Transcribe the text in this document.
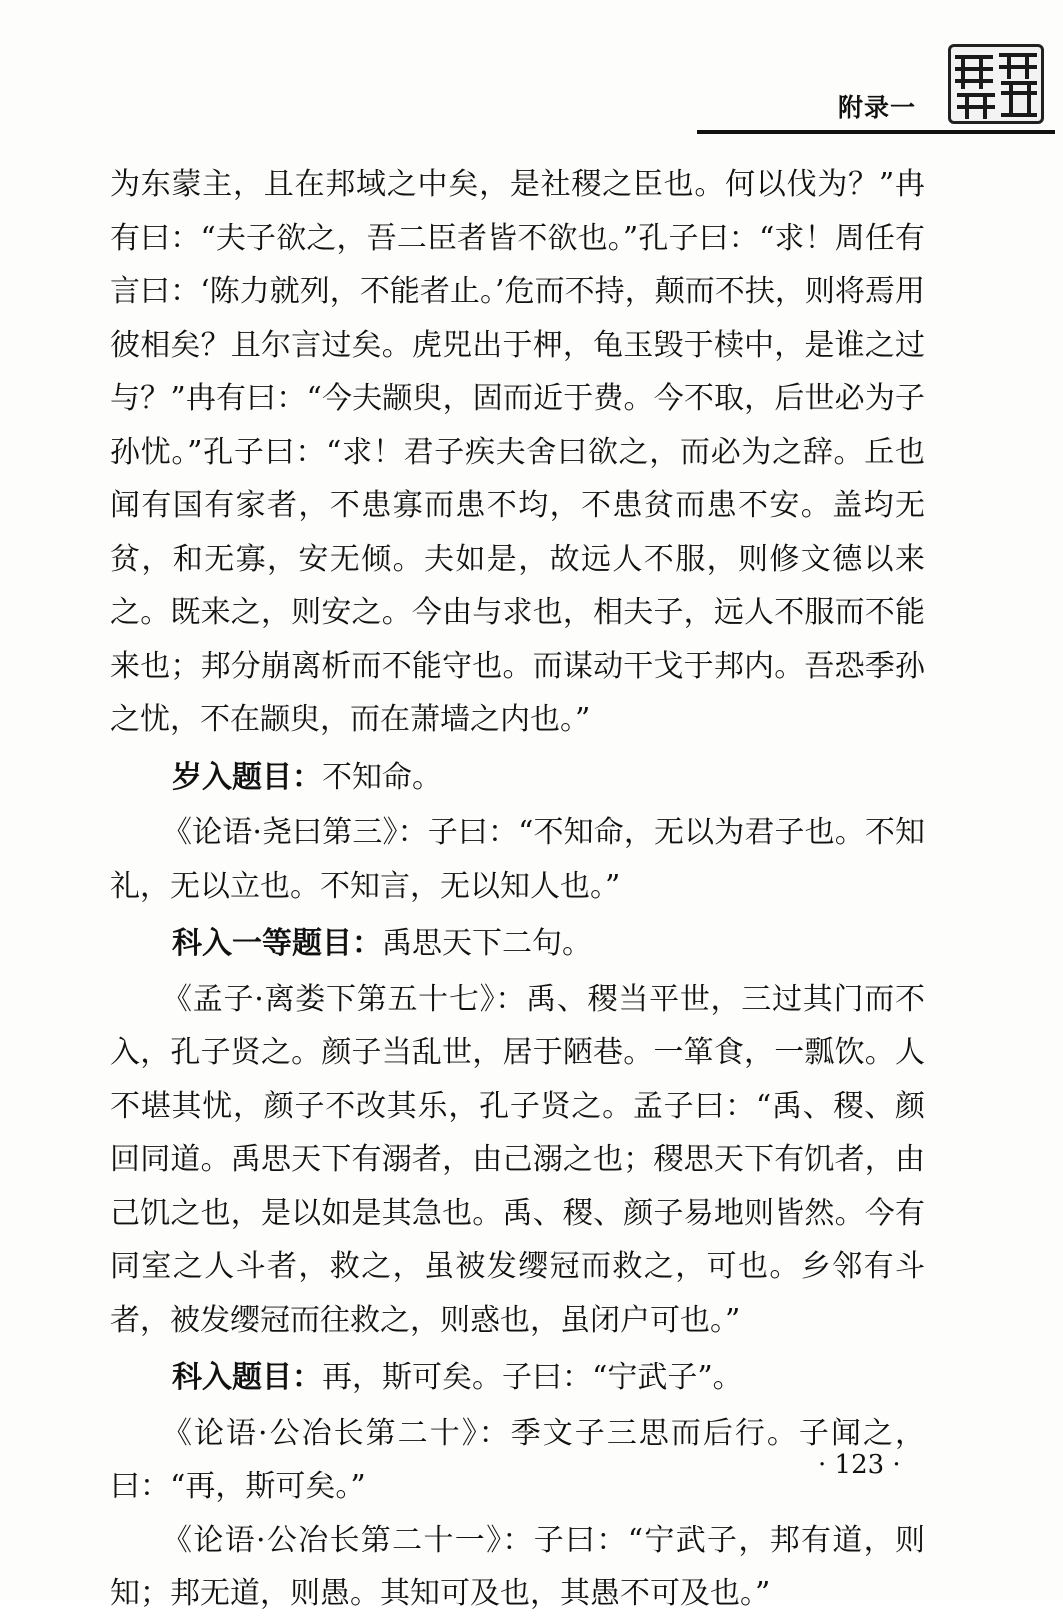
附录一

为东蒙主，且在邦域之中矣，是社稷之臣也。何以伐为？”冉有曰：“夫子欲之，吾二臣者皆不欲也。”孔子曰：“求！周任有言曰：‘陈力就列，不能者止。’危而不持，颠而不扶，则将焉用彼相矣？且尔言过矣。虎兕出于柙，龟玉毁于椟中，是谁之过与？”冉有曰：“今夫颛臾，固而近于费。今不取，后世必为子孙忧。”孔子曰：“求！君子疾夫舍曰欲之，而必为之辞。丘也闻有国有家者，不患寡而患不均，不患贫而患不安。盖均无贫，和无寡，安无倾。夫如是，故远人不服，则修文德以来之。既来之，则安之。今由与求也，相夫子，远人不服而不能来也；邦分崩离析而不能守也。而谋动干戈于邦内。吾恐季孙之忧，不在颛臾，而在萧墙之内也。”

岁入题目：不知命。

《论语·尧曰第三》：子曰：“不知命，无以为君子也。不知礼，无以立也。不知言，无以知人也。”

科入一等题目：禹思天下二句。

《孟子·离娄下第五十七》：禹、稷当平世，三过其门而不入，孔子贤之。颜子当乱世，居于陋巷。一箪食，一瓢饮。人不堪其忧，颜子不改其乐，孔子贤之。孟子曰：“禹、稷、颜回同道。禹思天下有溺者，由己溺之也；稷思天下有饥者，由己饥之也，是以如是其急也。禹、稷、颜子易地则皆然。今有同室之人斗者，救之，虽被发缨冠而救之，可也。乡邻有斗者，被发缨冠而往救之，则惑也，虽闭户可也。”

科入题目：再，斯可矣。子曰：“宁武子”。

《论语·公冶长第二十》：季文子三思而后行。子闻之，曰：“再，斯可矣。”

《论语·公冶长第二十一》：子曰：“宁武子，邦有道，则知；邦无道，则愚。其知可及也，其愚不可及也。”

· 123 ·
